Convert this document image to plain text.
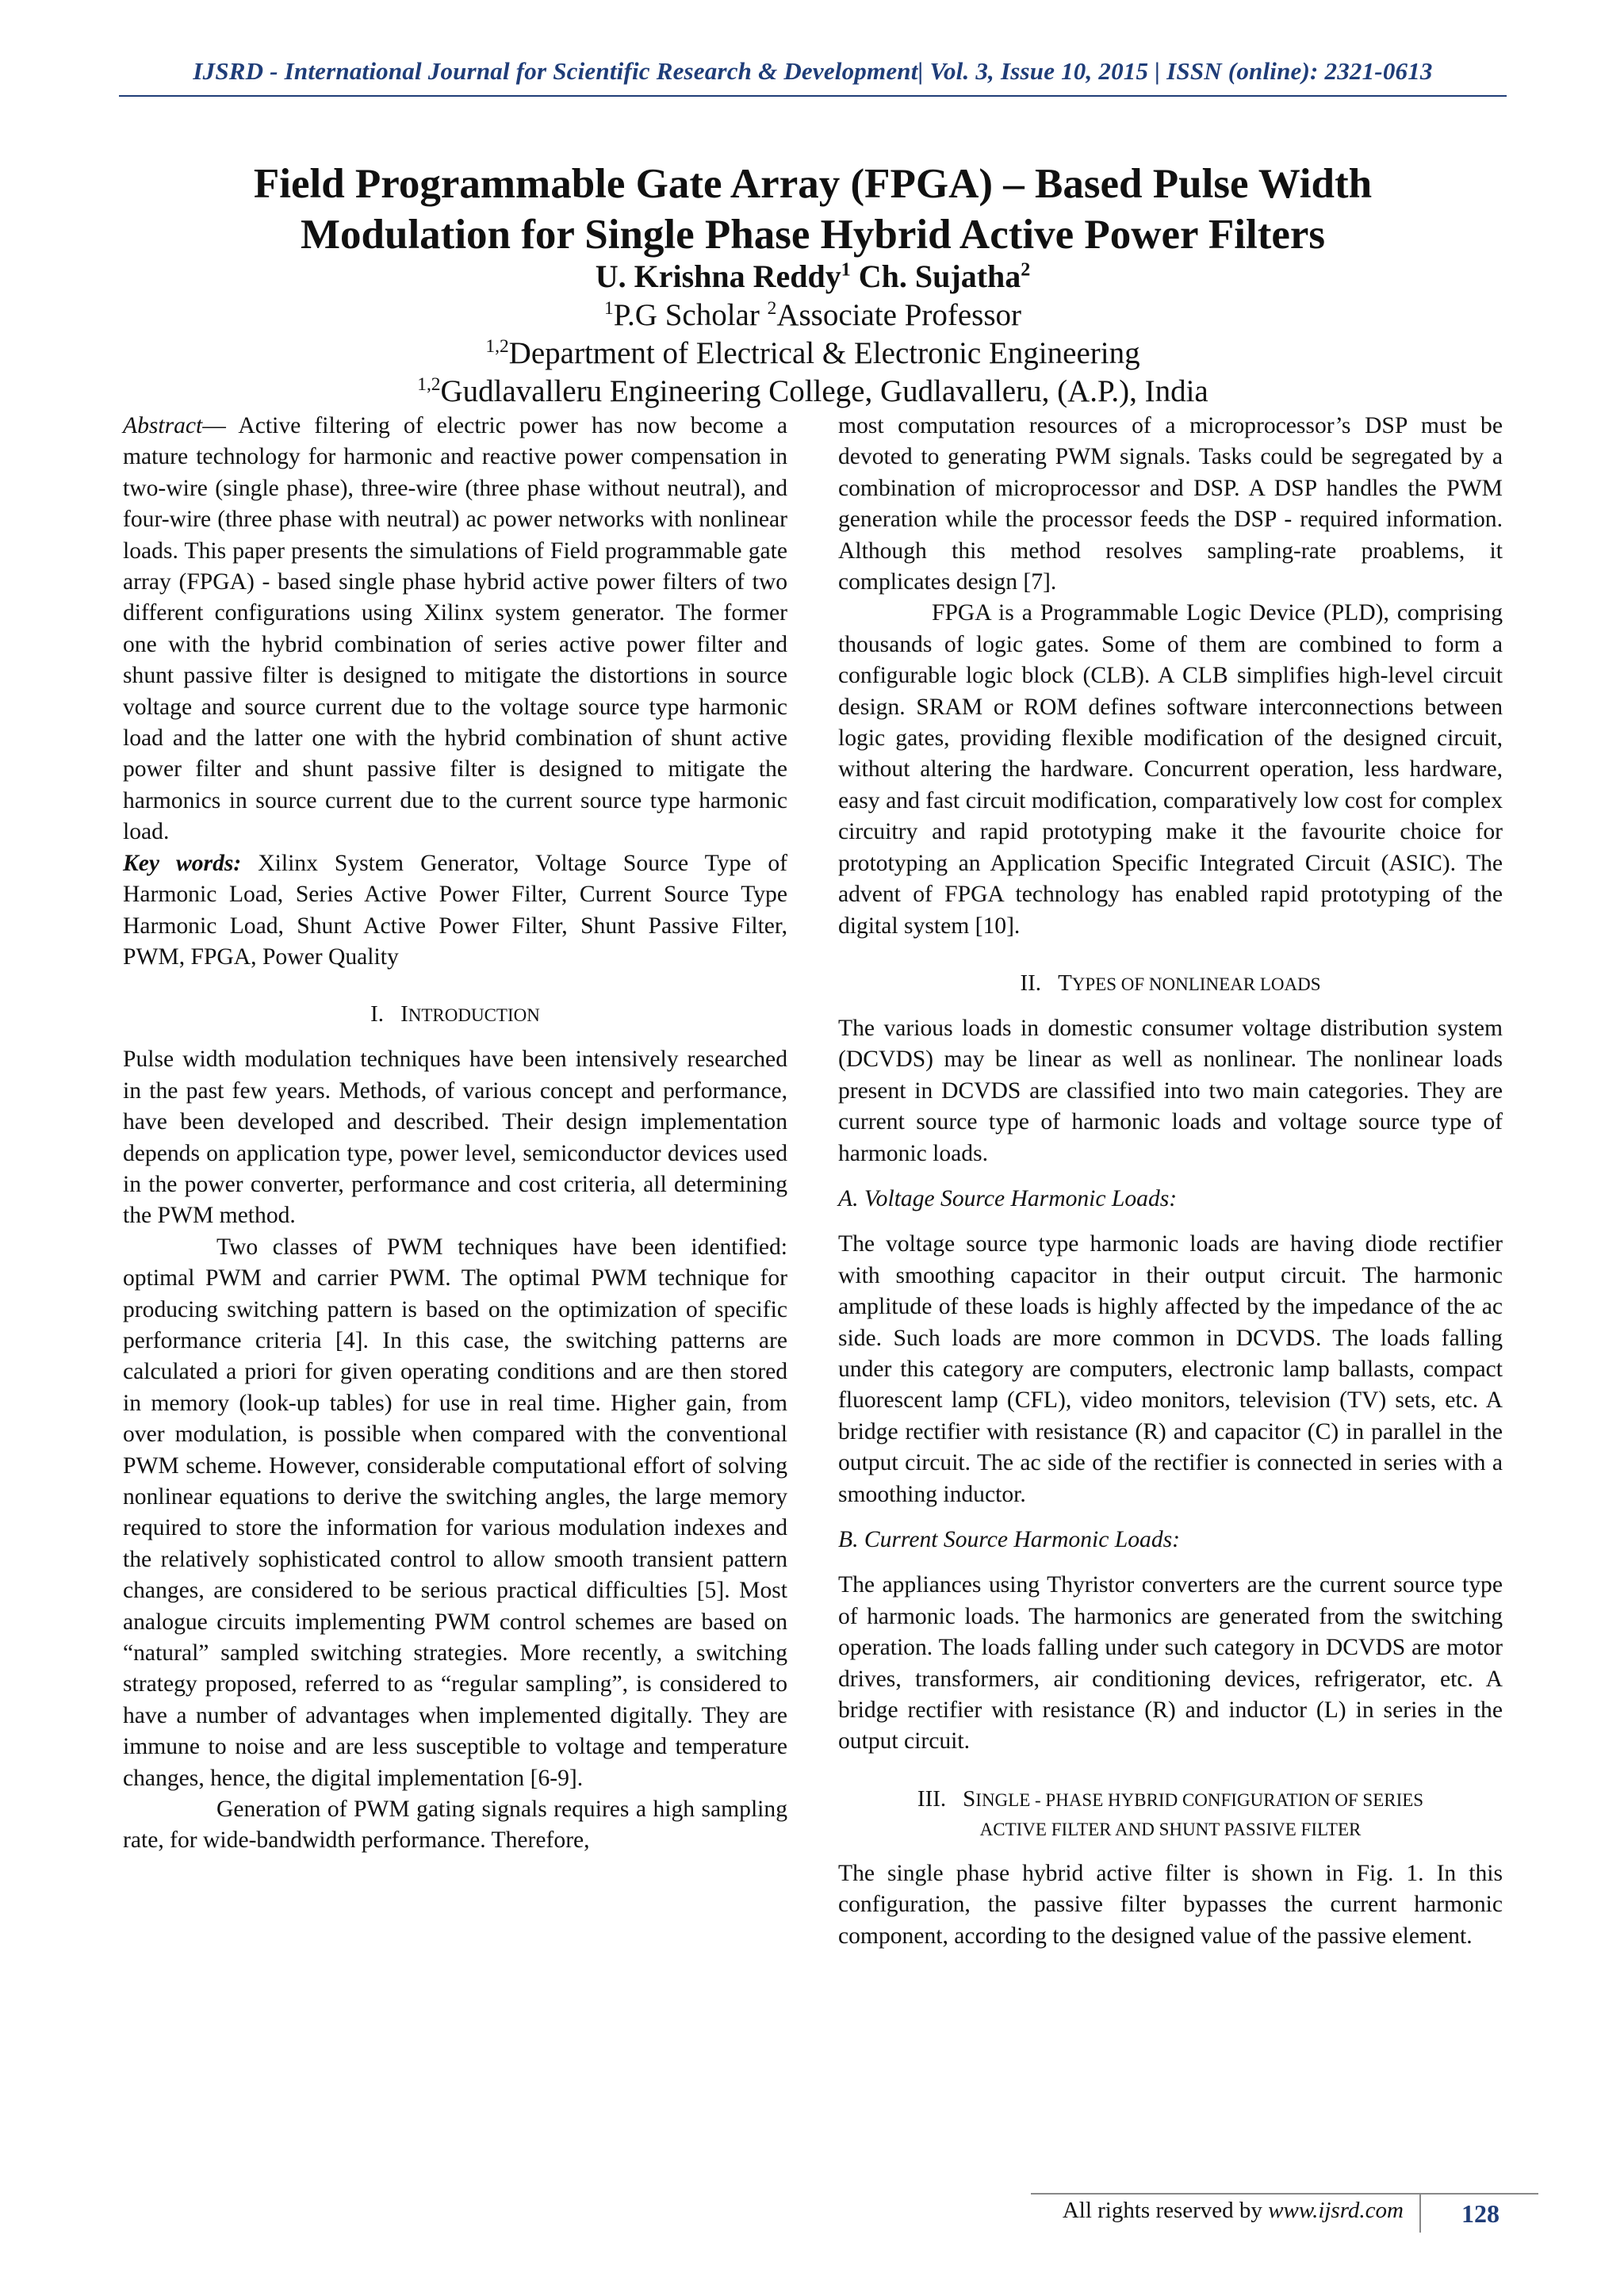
IJSRD - International Journal for Scientific Research & Development| Vol. 3, Issue 10, 2015 | ISSN (online): 2321-0613
Field Programmable Gate Array (FPGA) – Based Pulse Width
Modulation for Single Phase Hybrid Active Power Filters
U. Krishna Reddy$^1$ Ch. Sujatha$^2$
$^1$P.G Scholar $^2$Associate Professor
$^{1,2}$Department of Electrical & Electronic Engineering
$^{1,2}$Gudlavalleru Engineering College, Gudlavalleru, (A.P.), India

Abstract— Active filtering of electric power has now become a mature technology for harmonic and reactive power compensation in two-wire (single phase), three-wire (three phase without neutral), and four-wire (three phase with neutral) ac power networks with nonlinear loads. This paper presents the simulations of Field programmable gate array (FPGA) - based single phase hybrid active power filters of two different configurations using Xilinx system generator. The former one with the hybrid combination of series active power filter and shunt passive filter is designed to mitigate the distortions in source voltage and source current due to the voltage source type harmonic load and the latter one with the hybrid combination of shunt active power filter and shunt passive filter is designed to mitigate the harmonics in source current due to the current source type harmonic load.

Key words: Xilinx System Generator, Voltage Source Type of Harmonic Load, Series Active Power Filter, Current Source Type Harmonic Load, Shunt Active Power Filter, Shunt Passive Filter, PWM, FPGA, Power Quality

I. INTRODUCTION

Pulse width modulation techniques have been intensively researched in the past few years. Methods, of various concept and performance, have been developed and described. Their design implementation depends on application type, power level, semiconductor devices used in the power converter, performance and cost criteria, all determining the PWM method.

Two classes of PWM techniques have been identified: optimal PWM and carrier PWM. The optimal PWM technique for producing switching pattern is based on the optimization of specific performance criteria [4]. In this case, the switching patterns are calculated a priori for given operating conditions and are then stored in memory (look-up tables) for use in real time. Higher gain, from over modulation, is possible when compared with the conventional PWM scheme. However, considerable computational effort of solving nonlinear equations to derive the switching angles, the large memory required to store the information for various modulation indexes and the relatively sophisticated control to allow smooth transient pattern changes, are considered to be serious practical difficulties [5]. Most analogue circuits implementing PWM control schemes are based on “natural” sampled switching strategies. More recently, a switching strategy proposed, referred to as “regular sampling”, is considered to have a number of advantages when implemented digitally. They are immune to noise and are less susceptible to voltage and temperature changes, hence, the digital implementation [6-9].

Generation of PWM gating signals requires a high sampling rate, for wide-bandwidth performance. Therefore,

most computation resources of a microprocessor’s DSP must be devoted to generating PWM signals. Tasks could be segregated by a combination of microprocessor and DSP. A DSP handles the PWM generation while the processor feeds the DSP - required information. Although this method resolves sampling-rate proablems, it complicates design [7].

FPGA is a Programmable Logic Device (PLD), comprising thousands of logic gates. Some of them are combined to form a configurable logic block (CLB). A CLB simplifies high-level circuit design. SRAM or ROM defines software interconnections between logic gates, providing flexible modification of the designed circuit, without altering the hardware. Concurrent operation, less hardware, easy and fast circuit modification, comparatively low cost for complex circuitry and rapid prototyping make it the favourite choice for prototyping an Application Specific Integrated Circuit (ASIC). The advent of FPGA technology has enabled rapid prototyping of the digital system [10].

II. TYPES OF NONLINEAR LOADS

The various loads in domestic consumer voltage distribution system (DCVDS) may be linear as well as nonlinear. The nonlinear loads present in DCVDS are classified into two main categories. They are current source type of harmonic loads and voltage source type of harmonic loads.

A. Voltage Source Harmonic Loads:

The voltage source type harmonic loads are having diode rectifier with smoothing capacitor in their output circuit. The harmonic amplitude of these loads is highly affected by the impedance of the ac side. Such loads are more common in DCVDS. The loads falling under this category are computers, electronic lamp ballasts, compact fluorescent lamp (CFL), video monitors, television (TV) sets, etc. A bridge rectifier with resistance (R) and capacitor (C) in parallel in the output circuit. The ac side of the rectifier is connected in series with a smoothing inductor.

B. Current Source Harmonic Loads:

The appliances using Thyristor converters are the current source type of harmonic loads. The harmonics are generated from the switching operation. The loads falling under such category in DCVDS are motor drives, transformers, air conditioning devices, refrigerator, etc. A bridge rectifier with resistance (R) and inductor (L) in series in the output circuit.

III. SINGLE - PHASE HYBRID CONFIGURATION OF SERIES
ACTIVE FILTER AND SHUNT PASSIVE FILTER

The single phase hybrid active filter is shown in Fig. 1. In this configuration, the passive filter bypasses the current harmonic component, according to the designed value of the passive element.

All rights reserved by www.ijsrd.com	128
